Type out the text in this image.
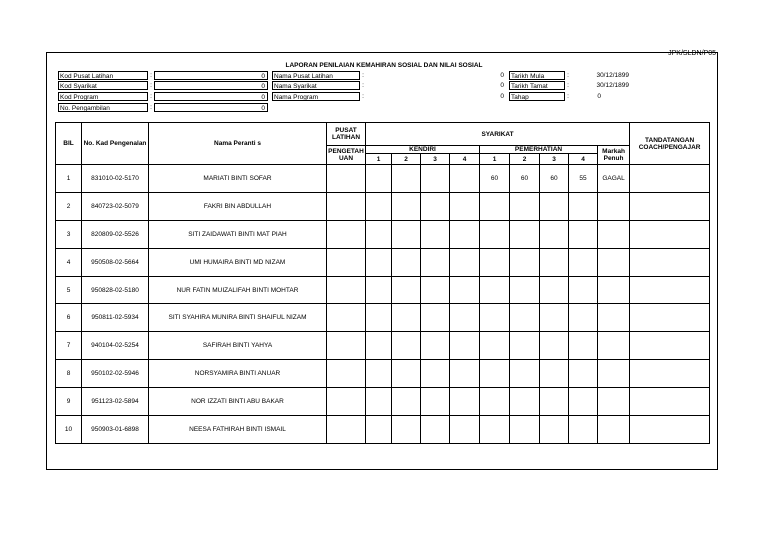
JPK/SLDN/P05
LAPORAN PENILAIAN KEMAHIRAN SOSIAL DAN NILAI SOSIAL
Kod Pusat Latihan	:	0
Kod Syarikat	:	0
Kod Program	:	0
No. Pengambilan	:	0
Nama Pusat Latihan	:	0
Nama Syarikat	:	0
Nama Program	:	0
Tarikh Mula	:	30/12/1899
Tarikh Tamat	:	30/12/1899
Tahap	:	0
BIL	No. Kad Pengenalan	Nama Peranti s	PUSAT LATIHAN	SYARIKAT									TANDATANGAN COACH/PENGAJAR
			PENGETAH UAN	KENDIRI				PEMERHATIAN				Markah Penuh	
				1	2	3	4	1	2	3	4		
1	831010-02-5170	MARIATI BINTI SOFAR						60	60	60	55	GAGAL	
2	840723-02-5079	FAKRI BIN ABDULLAH											
3	820809-02-5526	SITI ZAIDAWATI BINTI MAT PIAH											
4	950508-02-5664	UMI HUMAIRA BINTI MD NIZAM											
5	950828-02-5180	NUR FATIN MUIZALIFAH BINTI MOHTAR											
6	950811-02-5934	SITI SYAHIRA MUNIRA BINTI SHAIFUL NIZAM											
7	940104-02-5254	SAFIRAH BINTI YAHYA											
8	950102-02-5946	NORSYAMIRA BINTI ANUAR											
9	951123-02-5894	NOR IZZATI BINTI ABU BAKAR											
10	950903-01-6898	NEESA FATHIRAH BINTI ISMAIL											
